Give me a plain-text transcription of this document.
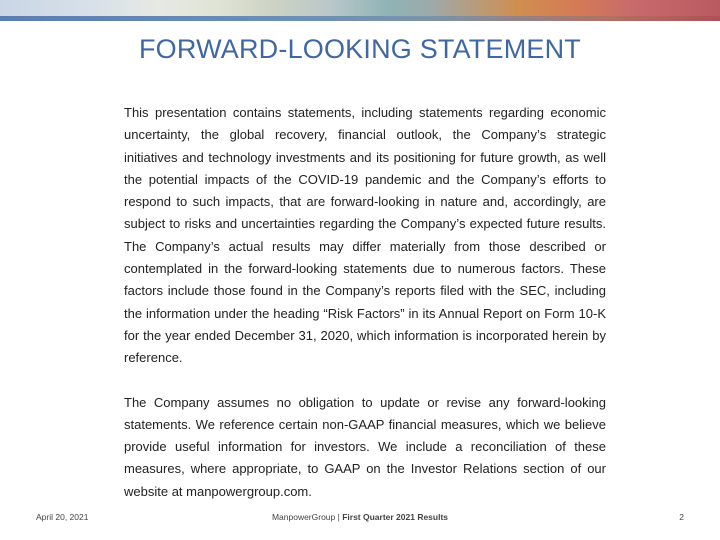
FORWARD-LOOKING STATEMENT

This presentation contains statements, including statements regarding economic uncertainty, the global recovery, financial outlook, the Company’s strategic initiatives and technology investments and its positioning for future growth, as well the potential impacts of the COVID-19 pandemic and the Company’s efforts to respond to such impacts, that are forward-looking in nature and, accordingly, are subject to risks and uncertainties regarding the Company’s expected future results. The Company’s actual results may differ materially from those described or contemplated in the forward-looking statements due to numerous factors. These factors include those found in the Company’s reports filed with the SEC, including the information under the heading “Risk Factors” in its Annual Report on Form 10-K for the year ended December 31, 2020, which information is incorporated herein by reference.

The Company assumes no obligation to update or revise any forward-looking statements. We reference certain non-GAAP financial measures, which we believe provide useful information for investors. We include a reconciliation of these measures, where appropriate, to GAAP on the Investor Relations section of our website at manpowergroup.com.

April 20, 2021	ManpowerGroup | First Quarter 2021 Results	2
